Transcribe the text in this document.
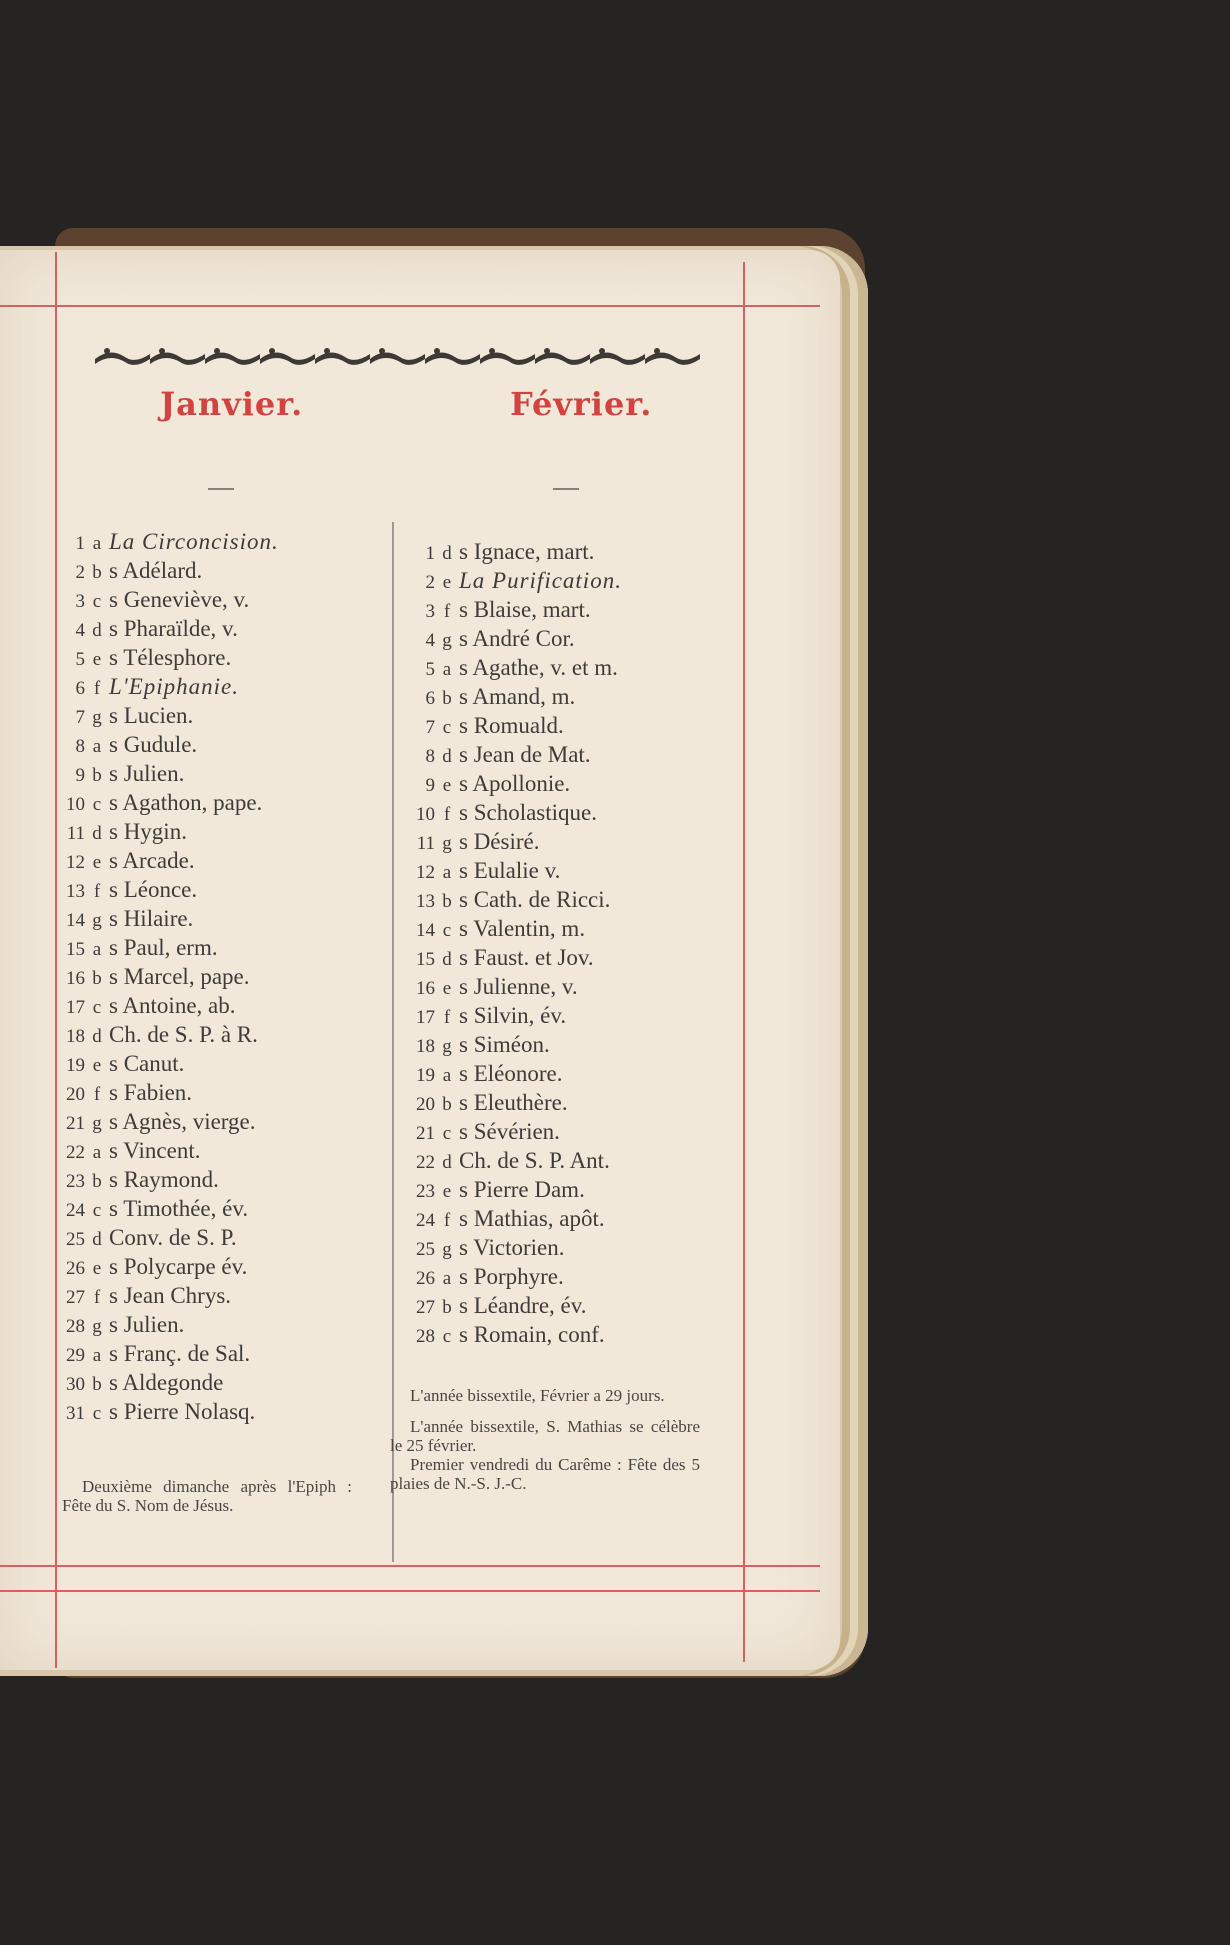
Janvier.	Février.
1 a La Circoncision.
2 b s Adélard.
3 c s Geneviève, v.
4 d s Pharaïlde, v.
5 e s Télesphore.
6 f L'Epiphanie.
7 g s Lucien.
8 a s Gudule.
9 b s Julien.
10 c s Agathon, pape.
11 d s Hygin.
12 e s Arcade.
13 f s Léonce.
14 g s Hilaire.
15 a s Paul, erm.
16 b s Marcel, pape.
17 c s Antoine, ab.
18 d Ch. de S. P. à R.
19 e s Canut.
20 f s Fabien.
21 g s Agnès, vierge.
22 a s Vincent.
23 b s Raymond.
24 c s Timothée, év.
25 d Conv. de S. P.
26 e s Polycarpe év.
27 f s Jean Chrys.
28 g s Julien.
29 a s Franç. de Sal.
30 b s Aldegonde
31 c s Pierre Nolasq.
1 d s Ignace, mart.
2 e La Purification.
3 f s Blaise, mart.
4 g s André Cor.
5 a s Agathe, v. et m.
6 b s Amand, m.
7 c s Romuald.
8 d s Jean de Mat.
9 e s Apollonie.
10 f s Scholastique.
11 g s Désiré.
12 a s Eulalie v.
13 b s Cath. de Ricci.
14 c s Valentin, m.
15 d s Faust. et Jov.
16 e s Julienne, v.
17 f s Silvin, év.
18 g s Siméon.
19 a s Eléonore.
20 b s Eleuthère.
21 c s Sévérien.
22 d Ch. de S. P. Ant.
23 e s Pierre Dam.
24 f s Mathias, apôt.
25 g s Victorien.
26 a s Porphyre.
27 b s Léandre, év.
28 c s Romain, conf.

Deuxième dimanche après l'Epiph : Fête du S. Nom de Jésus.

L'année bissextile, Février a 29 jours.

L'année bissextile, S. Mathias se célèbre le 25 février.

Premier vendredi du Carême : Fête des 5 plaies de N.-S. J.-C.
